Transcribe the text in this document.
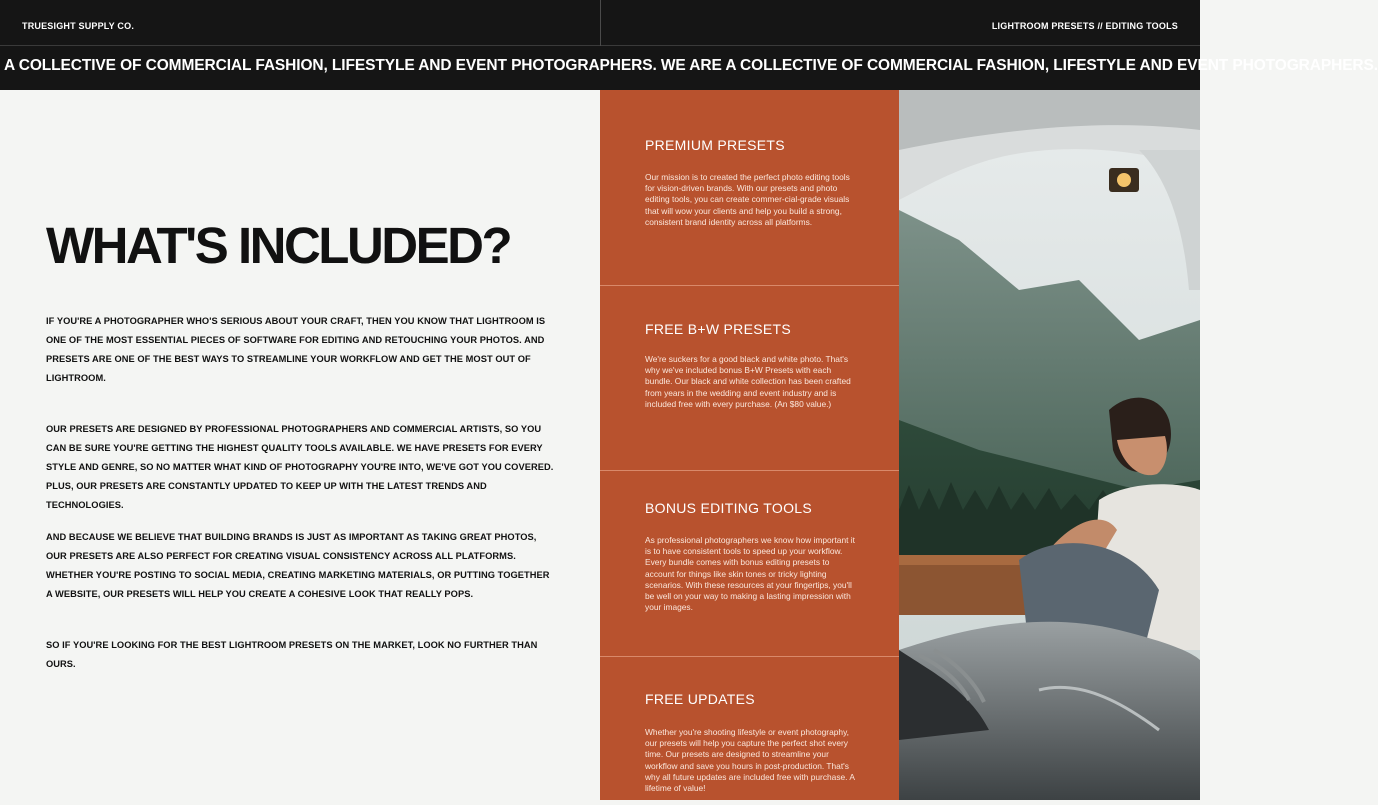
TRUESIGHT SUPPLY CO.	LIGHTROOM PRESETS // EDITING TOOLS
A COLLECTIVE OF COMMERCIAL FASHION, LIFESTYLE AND EVENT PHOTOGRAPHERS. WE ARE A COLLECTIVE OF COMMERCIAL FASHION, LIFESTYLE AND EVENT PHOTOGRAPHERS.
WHAT'S INCLUDED?

IF YOU'RE A PHOTOGRAPHER WHO'S SERIOUS ABOUT YOUR CRAFT, THEN YOU KNOW THAT LIGHTROOM IS ONE OF THE MOST ESSENTIAL PIECES OF SOFTWARE FOR EDITING AND RETOUCHING YOUR PHOTOS. AND PRESETS ARE ONE OF THE BEST WAYS TO STREAMLINE YOUR WORKFLOW AND GET THE MOST OUT OF LIGHTROOM.

OUR PRESETS ARE DESIGNED BY PROFESSIONAL PHOTOGRAPHERS AND COMMERCIAL ARTISTS, SO YOU CAN BE SURE YOU'RE GETTING THE HIGHEST QUALITY TOOLS AVAILABLE. WE HAVE PRESETS FOR EVERY STYLE AND GENRE, SO NO MATTER WHAT KIND OF PHOTOGRAPHY YOU'RE INTO, WE'VE GOT YOU COVERED. PLUS, OUR PRESETS ARE CONSTANTLY UPDATED TO KEEP UP WITH THE LATEST TRENDS AND TECHNOLOGIES.

AND BECAUSE WE BELIEVE THAT BUILDING BRANDS IS JUST AS IMPORTANT AS TAKING GREAT PHOTOS, OUR PRESETS ARE ALSO PERFECT FOR CREATING VISUAL CONSISTENCY ACROSS ALL PLATFORMS. WHETHER YOU'RE POSTING TO SOCIAL MEDIA, CREATING MARKETING MATERIALS, OR PUTTING TOGETHER A WEBSITE, OUR PRESETS WILL HELP YOU CREATE A COHESIVE LOOK THAT REALLY POPS.

SO IF YOU'RE LOOKING FOR THE BEST LIGHTROOM PRESETS ON THE MARKET, LOOK NO FURTHER THAN OURS.

PREMIUM PRESETS
Our mission is to created the perfect photo editing tools for vision-driven brands. With our presets and photo editing tools, you can create commer-cial-grade visuals that will wow your clients and help you build a strong, consistent brand identity across all platforms.
FREE B+W PRESETS
We're suckers for a good black and white photo. That's why we've included bonus B+W Presets with each bundle. Our black and white collection has been crafted from years in the wedding and event industry and is included free with every purchase. (An $80 value.)
BONUS EDITING TOOLS
As professional photographers we know how important it is to have consistent tools to speed up your workflow. Every bundle comes with bonus editing presets to account for things like skin tones or tricky lighting scenarios. With these resources at your fingertips, you'll be well on your way to making a lasting impression with your images.
FREE UPDATES
Whether you're shooting lifestyle or event photography, our presets will help you capture the perfect shot every time. Our presets are designed to streamline your workflow and save you hours in post-production. That's why all future updates are included free with purchase. A lifetime of value!
